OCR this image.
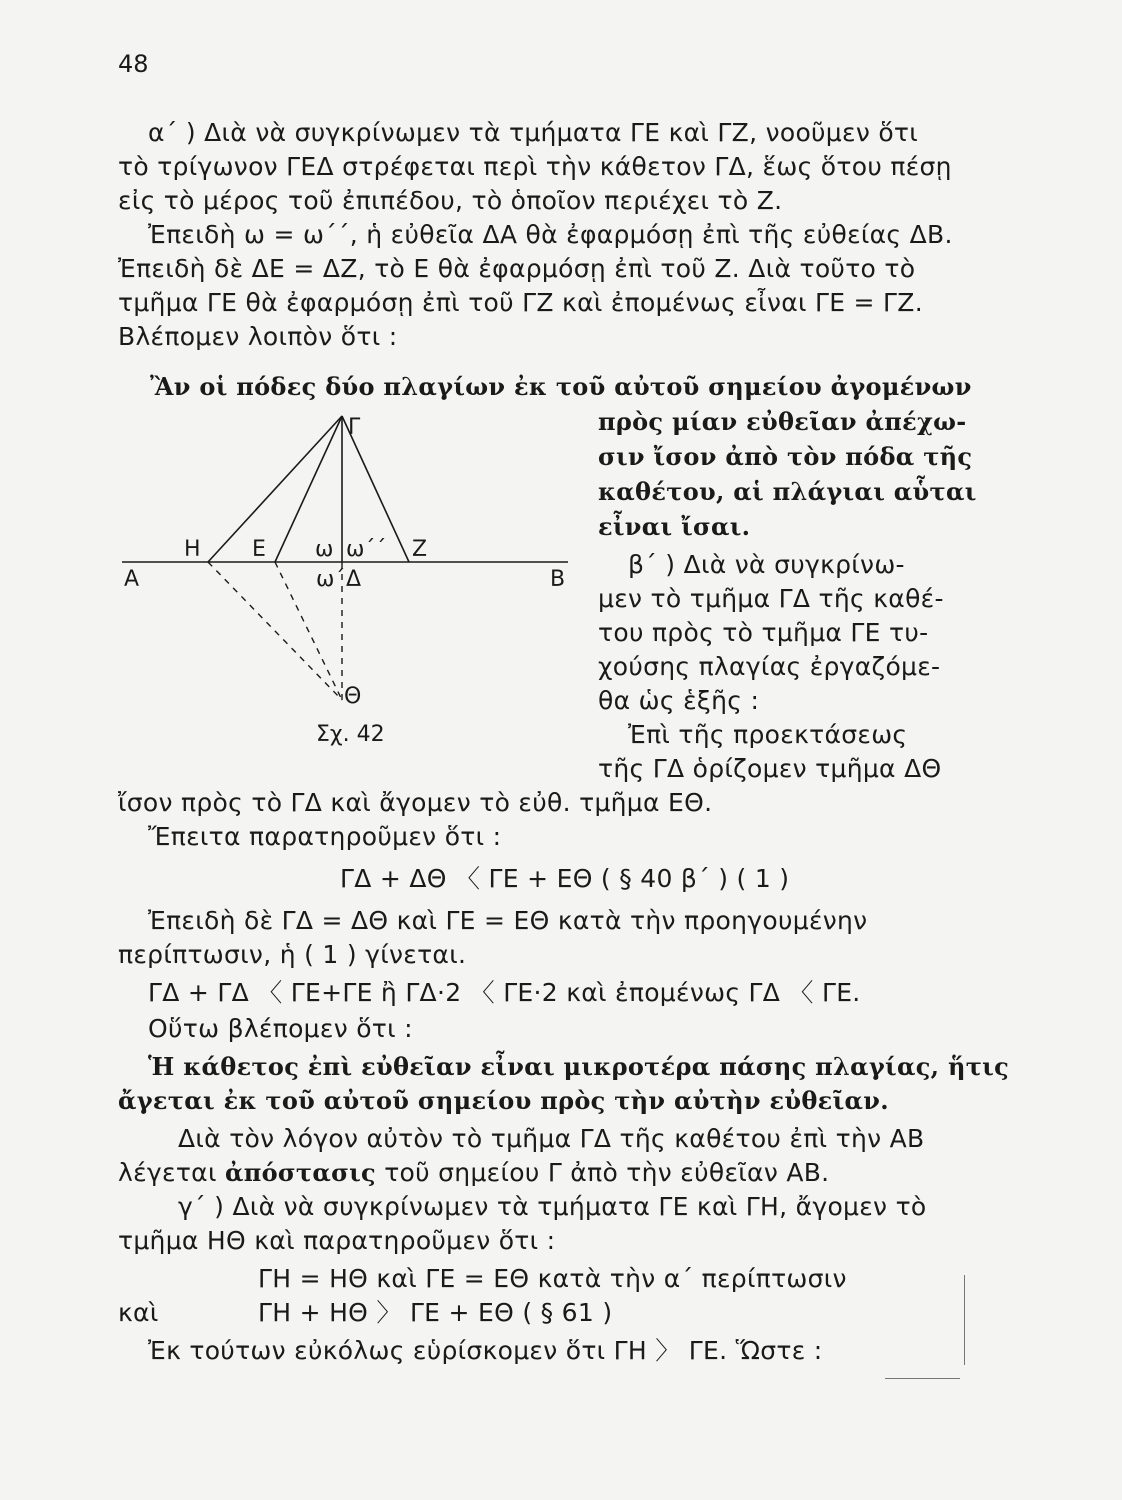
48
α΄ ) Διὰ νὰ συγκρίνωμεν τὰ τμήματα ΓΕ καὶ ΓΖ, νοοῦμεν ὅτι
τὸ τρίγωνον ΓΕΔ στρέφεται περὶ τὴν κάθετον ΓΔ, ἕως ὅτου πέσῃ
εἰς τὸ μέρος τοῦ ἐπιπέδου, τὸ ὁποῖον περιέχει τὸ Ζ.
Ἐπειδὴ ω = ω΄΄, ἡ εὐθεῖα ΔΑ θὰ ἐφαρμόσῃ ἐπὶ τῆς εὐθείας ΔΒ.
Ἐπειδὴ δὲ ΔΕ = ΔΖ, τὸ Ε θὰ ἐφαρμόσῃ ἐπὶ τοῦ Ζ. Διὰ τοῦτο τὸ
τμῆμα ΓΕ θὰ ἐφαρμόσῃ ἐπὶ τοῦ ΓΖ καὶ ἐπομένως εἶναι ΓΕ = ΓΖ.
Βλέπομεν λοιπὸν ὅτι :
Ἂν οἱ πόδες δύο πλαγίων ἐκ τοῦ αὐτοῦ σημείου ἀγομένων
πρὸς μίαν εὐθεῖαν ἀπέχω-
σιν ἴσον ἀπὸ τὸν πόδα τῆς
καθέτου, αἱ πλάγιαι αὗται
εἶναι ἴσαι.
β΄ ) Διὰ νὰ συγκρίνω-
μεν τὸ τμῆμα ΓΔ τῆς καθέ-
του πρὸς τὸ τμῆμα ΓΕ τυ-
χούσης πλαγίας ἐργαζόμε-
θα ὡς ἑξῆς :
Ἐπὶ τῆς προεκτάσεως
τῆς ΓΔ ὁρίζομεν τμῆμα ΔΘ
Γ
Η Ε ω ω΄΄ Ζ
Α	Β
ω΄ Δ
Θ
Σχ. 42
ἴσον πρὸς τὸ ΓΔ καὶ ἄγομεν τὸ εὐθ. τμῆμα ΕΘ.
Ἔπειτα παρατηροῦμεν ὅτι :
ΓΔ + ΔΘ 〈 ΓΕ + ΕΘ ( § 40 β΄ ) ( 1 )
Ἐπειδὴ δὲ ΓΔ = ΔΘ καὶ ΓΕ = ΕΘ κατὰ τὴν προηγουμένην
περίπτωσιν, ἡ ( 1 ) γίνεται.
ΓΔ + ΓΔ 〈 ΓΕ+ΓΕ ἢ ΓΔ·2 〈 ΓΕ·2 καὶ ἐπομένως ΓΔ 〈 ΓΕ.
Οὕτω βλέπομεν ὅτι :
Ἡ κάθετος ἐπὶ εὐθεῖαν εἶναι μικροτέρα πάσης πλαγίας, ἥτις
ἄγεται ἐκ τοῦ αὐτοῦ σημείου πρὸς τὴν αὐτὴν εὐθεῖαν.
Διὰ τὸν λόγον αὐτὸν τὸ τμῆμα ΓΔ τῆς καθέτου ἐπὶ τὴν ΑΒ
λέγεται ἀπόστασις τοῦ σημείου Γ ἀπὸ τὴν εὐθεῖαν ΑΒ.
γ΄ ) Διὰ νὰ συγκρίνωμεν τὰ τμήματα ΓΕ καὶ ΓΗ, ἄγομεν τὸ
τμῆμα ΗΘ καὶ παρατηροῦμεν ὅτι :
ΓΗ = ΗΘ καὶ ΓΕ = ΕΘ κατὰ τὴν α΄ περίπτωσιν
καὶ	ΓΗ + ΗΘ 〉 ΓΕ + ΕΘ ( § 61 )
Ἐκ τούτων εὐκόλως εὑρίσκομεν ὅτι ΓΗ 〉 ΓΕ. Ὥστε :
